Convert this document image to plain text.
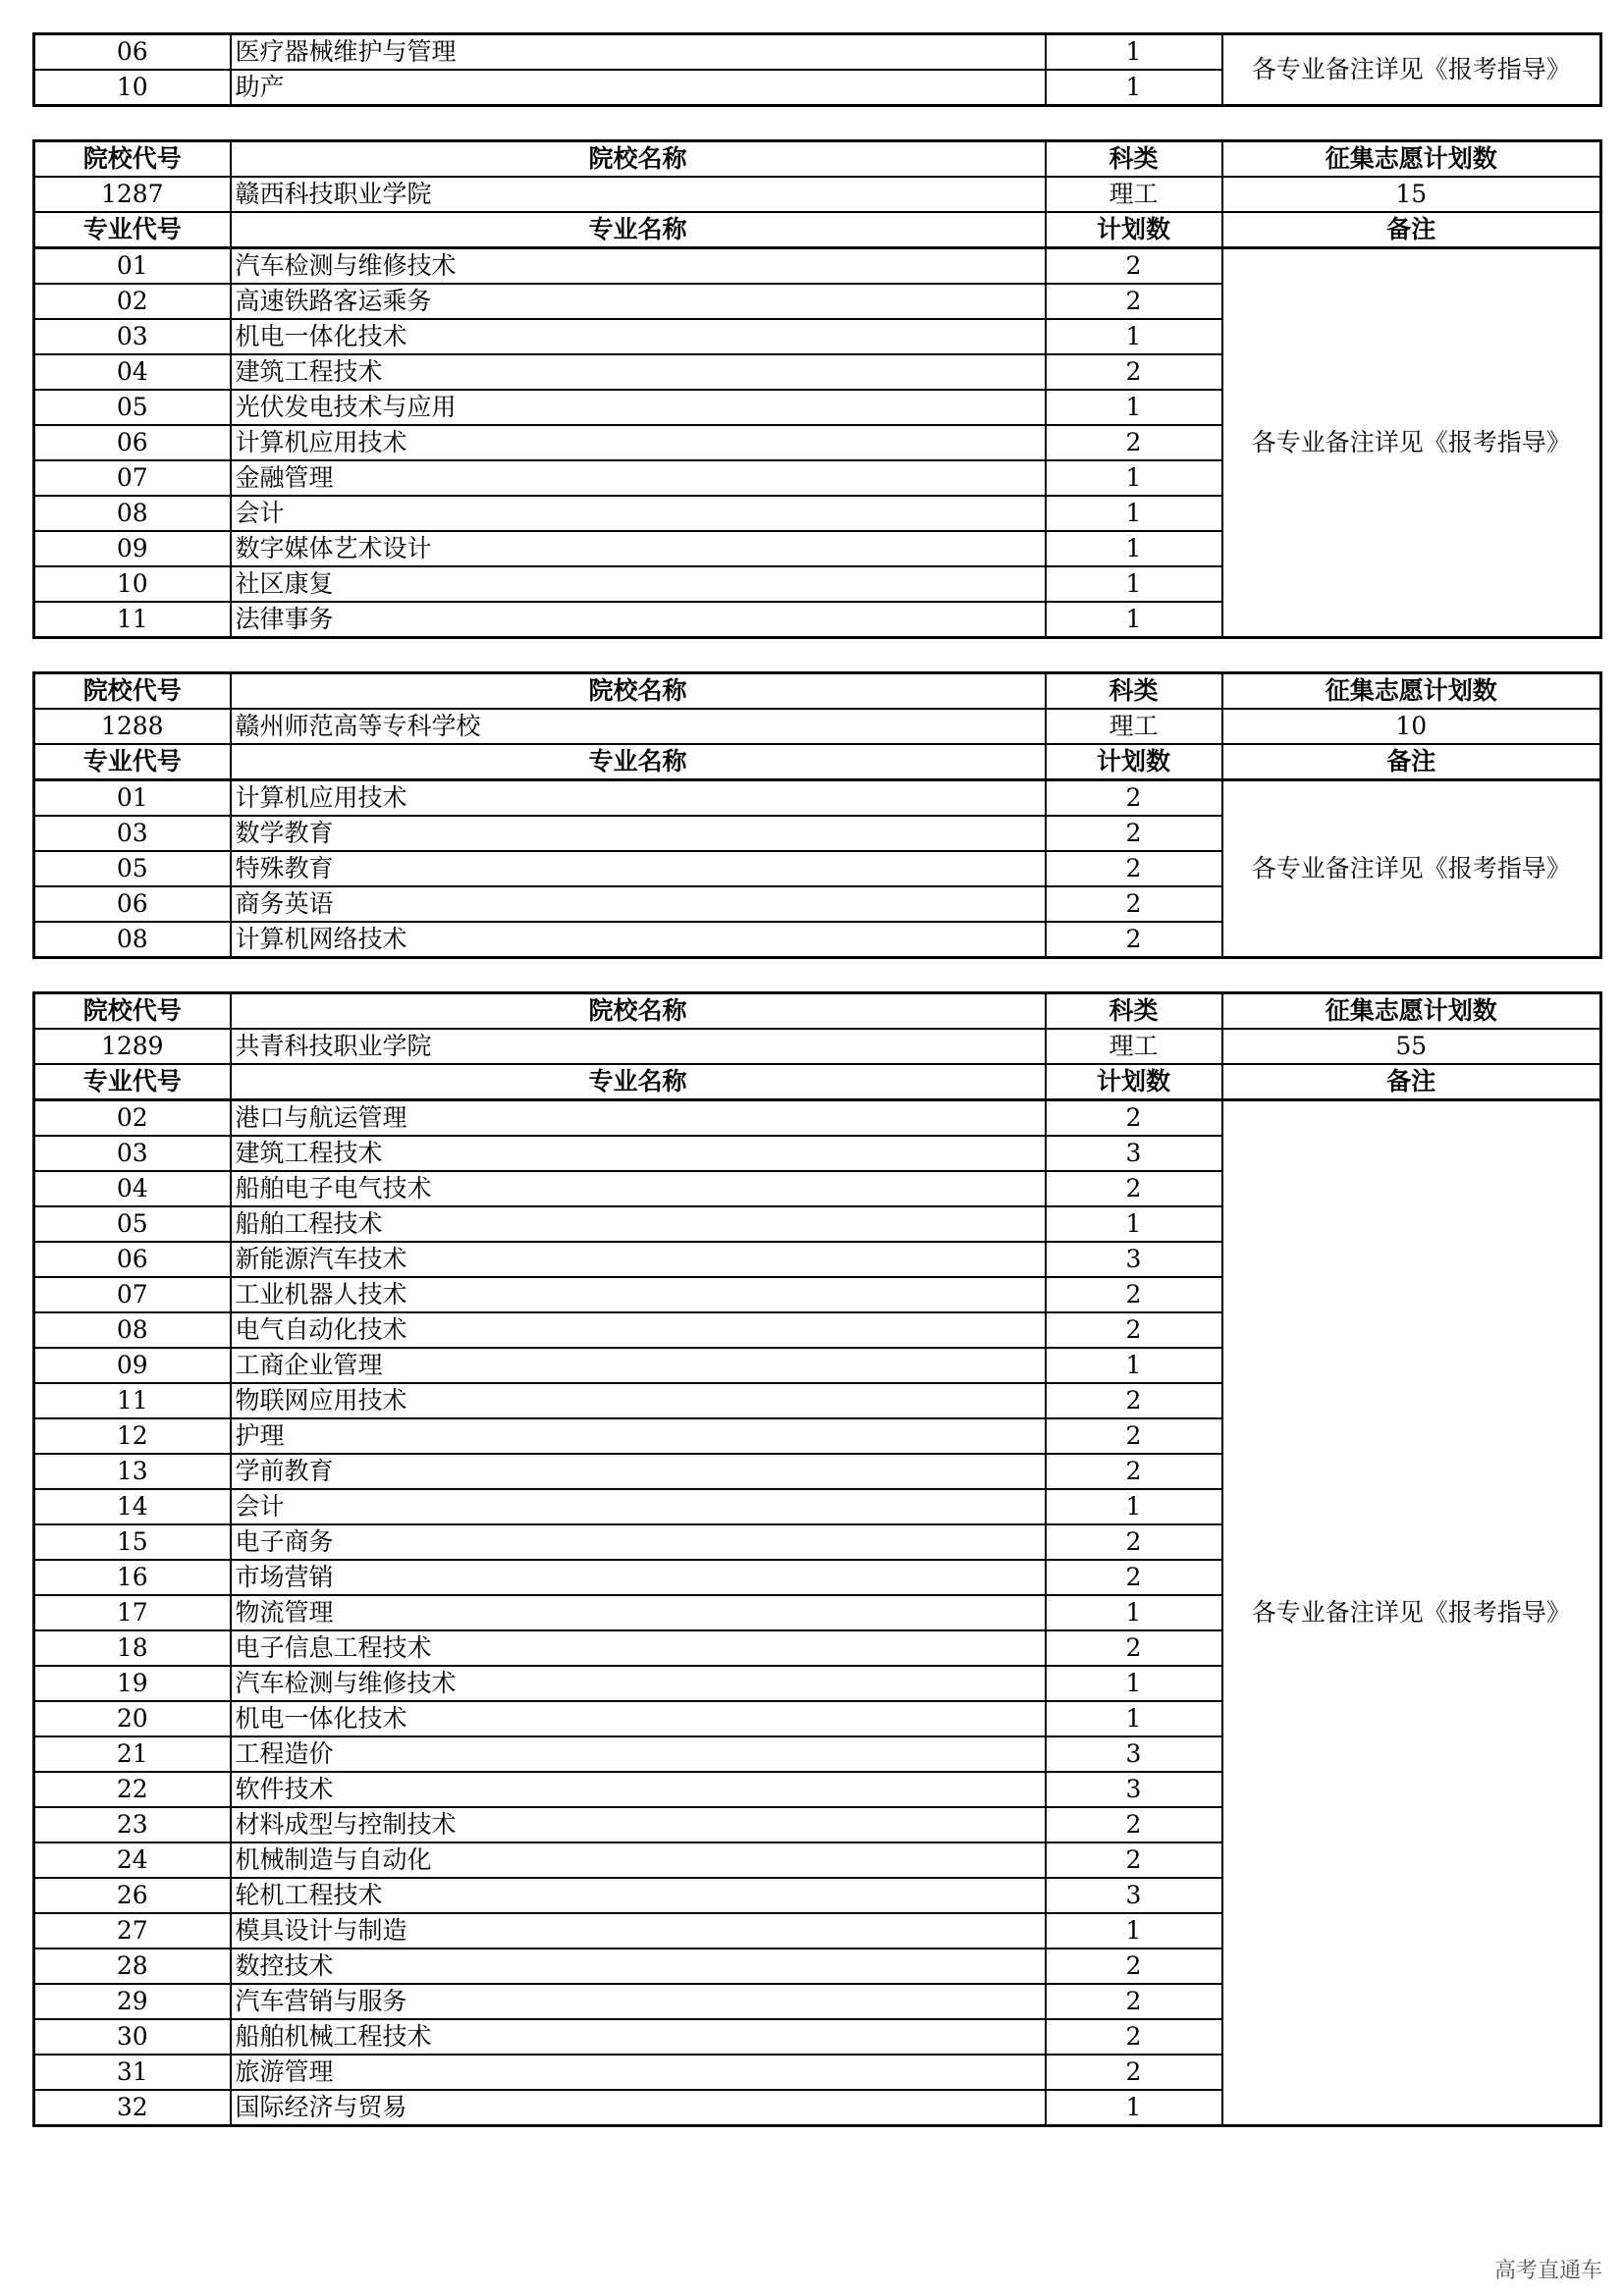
06	医疗器械维护与管理	1	各专业备注详见《报考指导》
10	助产	1	
院校代号	院校名称	科类	征集志愿计划数
1287	赣西科技职业学院	理工	15
专业代号	专业名称	计划数	备注
01	汽车检测与维修技术	2	各专业备注详见《报考指导》
02	高速铁路客运乘务	2	
03	机电一体化技术	1	
04	建筑工程技术	2	
05	光伏发电技术与应用	1	
06	计算机应用技术	2	
07	金融管理	1	
08	会计	1	
09	数字媒体艺术设计	1	
10	社区康复	1	
11	法律事务	1	
院校代号	院校名称	科类	征集志愿计划数
1288	赣州师范高等专科学校	理工	10
专业代号	专业名称	计划数	备注
01	计算机应用技术	2	各专业备注详见《报考指导》
03	数学教育	2	
05	特殊教育	2	
06	商务英语	2	
08	计算机网络技术	2	
院校代号	院校名称	科类	征集志愿计划数
1289	共青科技职业学院	理工	55
专业代号	专业名称	计划数	备注
02	港口与航运管理	2	各专业备注详见《报考指导》
03	建筑工程技术	3	
04	船舶电子电气技术	2	
05	船舶工程技术	1	
06	新能源汽车技术	3	
07	工业机器人技术	2	
08	电气自动化技术	2	
09	工商企业管理	1	
11	物联网应用技术	2	
12	护理	2	
13	学前教育	2	
14	会计	1	
15	电子商务	2	
16	市场营销	2	
17	物流管理	1	
18	电子信息工程技术	2	
19	汽车检测与维修技术	1	
20	机电一体化技术	1	
21	工程造价	3	
22	软件技术	3	
23	材料成型与控制技术	2	
24	机械制造与自动化	2	
26	轮机工程技术	3	
27	模具设计与制造	1	
28	数控技术	2	
29	汽车营销与服务	2	
30	船舶机械工程技术	2	
31	旅游管理	2	
32	国际经济与贸易	1	
高考直通车
